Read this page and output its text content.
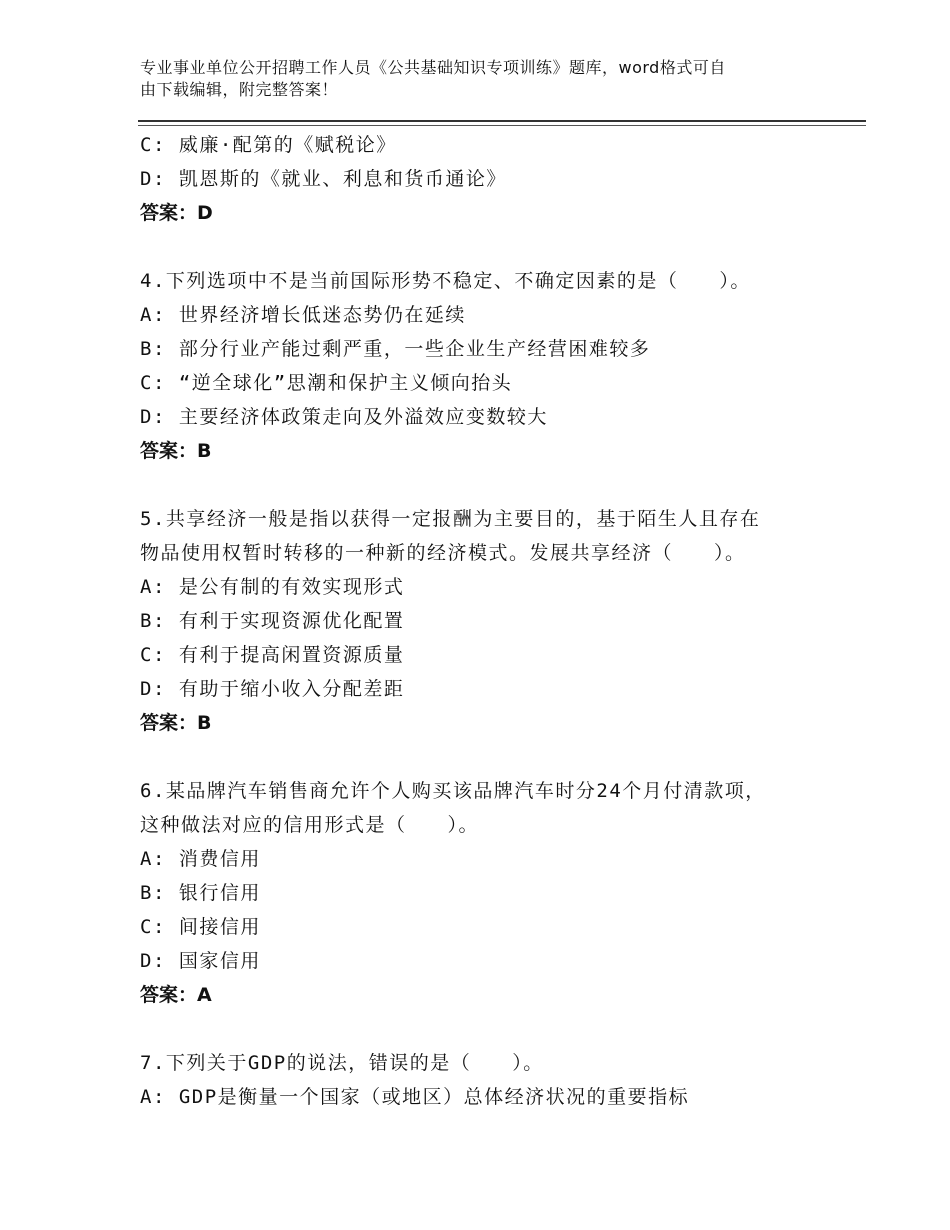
专业事业单位公开招聘工作人员《公共基础知识专项训练》题库，word格式可自
由下载编辑，附完整答案！
C: 威廉·配第的《赋税论》
D: 凯恩斯的《就业、利息和货币通论》
答案：D
4.下列选项中不是当前国际形势不稳定、不确定因素的是（　　）。
A: 世界经济增长低迷态势仍在延续
B: 部分行业产能过剩严重，一些企业生产经营困难较多
C: “逆全球化”思潮和保护主义倾向抬头
D: 主要经济体政策走向及外溢效应变数较大
答案：B
5.共享经济一般是指以获得一定报酬为主要目的，基于陌生人且存在
物品使用权暂时转移的一种新的经济模式。发展共享经济（　　）。
A: 是公有制的有效实现形式
B: 有利于实现资源优化配置
C: 有利于提高闲置资源质量
D: 有助于缩小收入分配差距
答案：B
6.某品牌汽车销售商允许个人购买该品牌汽车时分24个月付清款项，
这种做法对应的信用形式是（　　）。
A: 消费信用
B: 银行信用
C: 间接信用
D: 国家信用
答案：A
7.下列关于GDP的说法，错误的是（　　）。
A: GDP是衡量一个国家（或地区）总体经济状况的重要指标
